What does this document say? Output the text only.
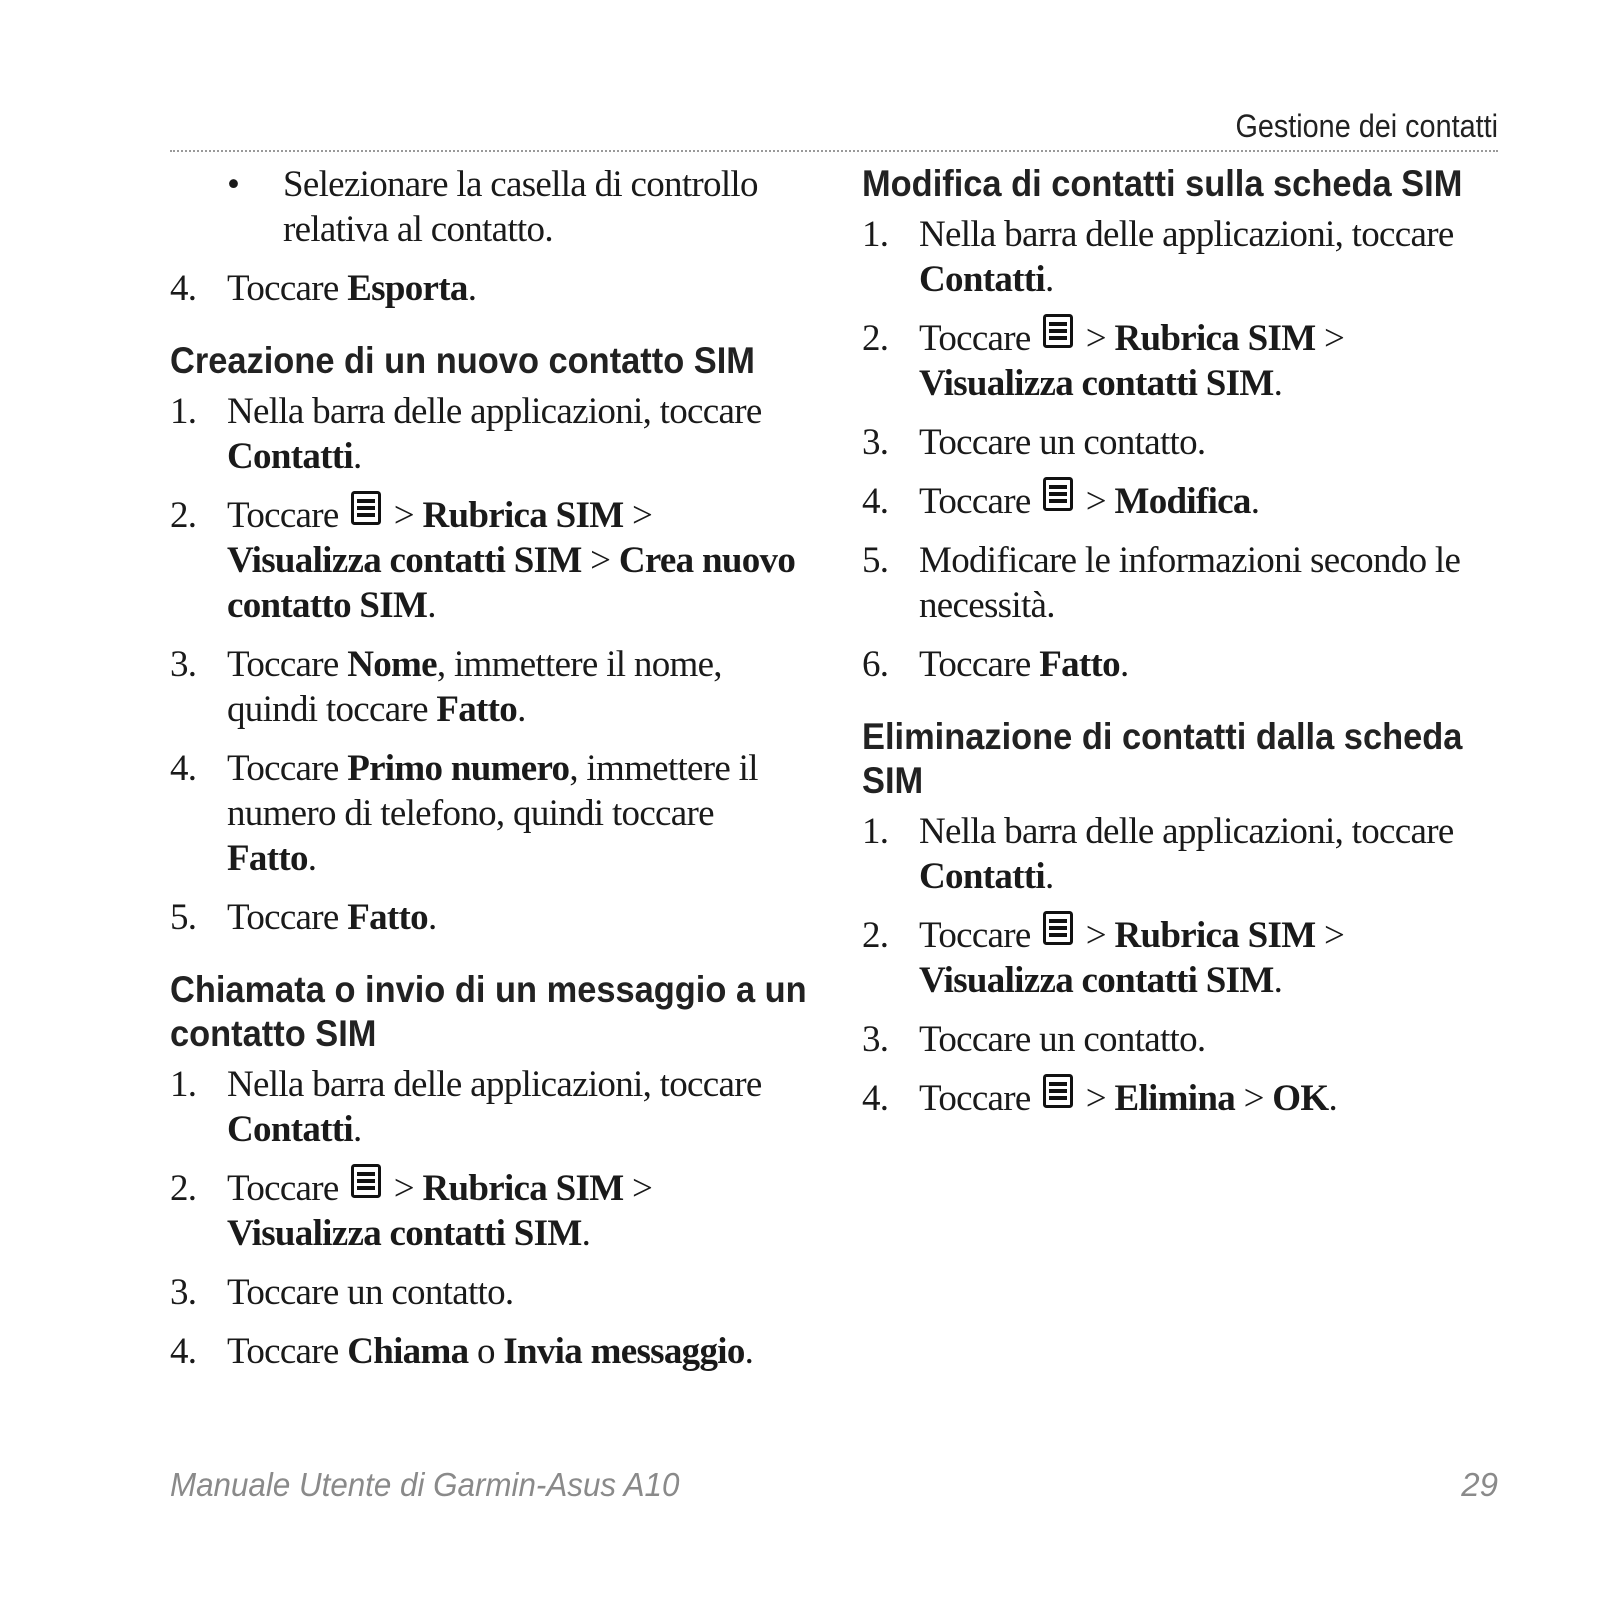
Gestione dei contatti
• Selezionare la casella di controllo relativa al contatto.
4. Toccare Esporta.
Creazione di un nuovo contatto SIM
1. Nella barra delle applicazioni, toccare Contatti.
2. Toccare
> Rubrica SIM > Visualizza contatti SIM > Crea nuovo contatto SIM.
3. Toccare Nome, immettere il nome, quindi toccare Fatto.
4. Toccare Primo numero, immettere il numero di telefono, quindi toccare Fatto.
5. Toccare Fatto.
Chiamata o invio di un messaggio a un contatto SIM
1. Nella barra delle applicazioni, toccare Contatti.
2. Toccare
> Rubrica SIM > Visualizza contatti SIM.
3. Toccare un contatto.
4. Toccare Chiama o Invia messaggio.
Modifica di contatti sulla scheda SIM
1. Nella barra delle applicazioni, toccare Contatti.
2. Toccare
> Rubrica SIM > Visualizza contatti SIM.
3. Toccare un contatto.
4. Toccare
> Modifica.
5. Modificare le informazioni secondo le necessità.
6. Toccare Fatto.
Eliminazione di contatti dalla scheda SIM
1. Nella barra delle applicazioni, toccare Contatti.
2. Toccare
> Rubrica SIM > Visualizza contatti SIM.
3. Toccare un contatto.
4. Toccare
> Elimina > OK.
Manuale Utente di Garmin-Asus A10	29
